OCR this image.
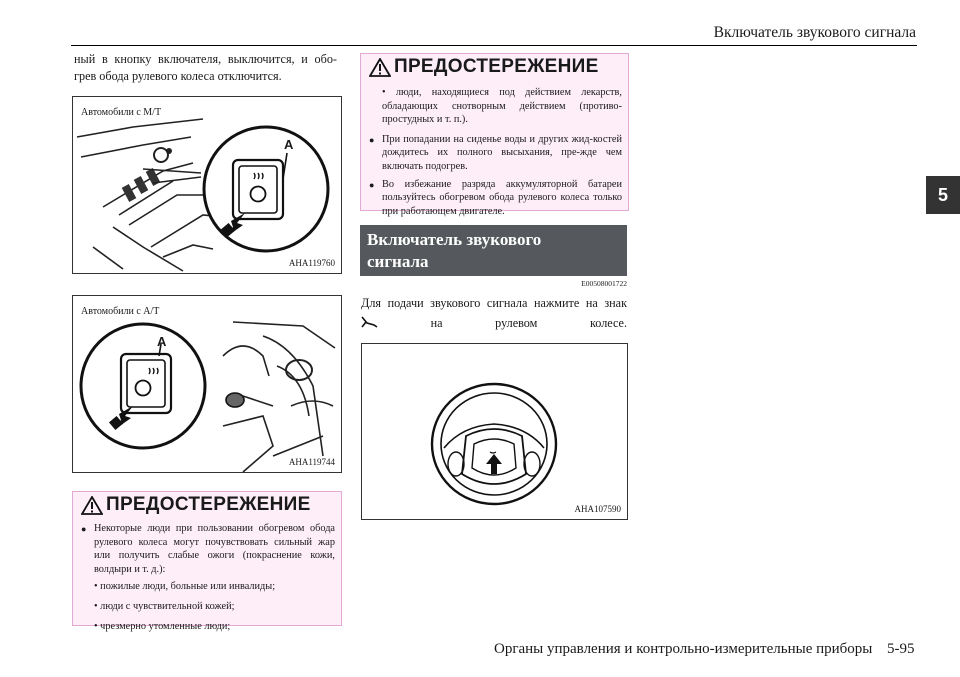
Включатель звукового сигнала
5
ный в кнопку включателя, выключится, и обо-
грев обода рулевого колеса отключится.
Автомобили с M/T
A
AHA119760
Автомобили с A/T
A
AHA119744
ПРЕДОСТЕРЕЖЕНИЕ
● Некоторые люди при пользовании обогревом обода рулевого колеса могут почувствовать сильный жар или получить слабые ожоги (покраснение кожи, волдыри и т. д.):
• пожилые люди, больные или инвалиды;
• люди с чувствительной кожей;
• чрезмерно утомленные люди;
ПРЕДОСТЕРЕЖЕНИЕ
• люди, находящиеся под действием лекарств, обладающих снотворным действием (противо-простудных и т. п.).
● При попадании на сиденье воды и других жид-костей дождитесь их полного высыхания, пре-жде чем включать подогрев.
● Во избежание разряда аккумуляторной батареи пользуйтесь обогревом обода рулевого колеса только при работающем двигателе.
Включатель звукового
сигнала
E00508001722
Для подачи звукового сигнала нажмите на знак
на рулевом колесе.
AHA107590
Органы управления и контрольно-измерительные приборы 5-95
